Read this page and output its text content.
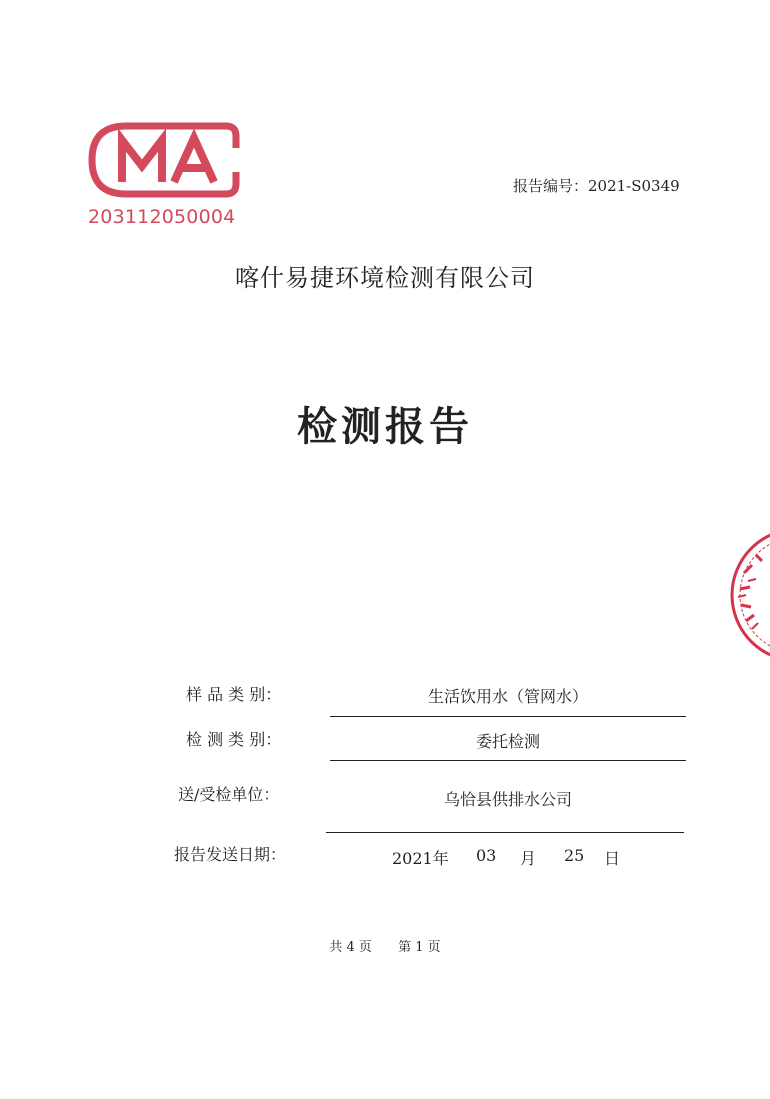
203112050004
报告编号：2021-S0349
喀什易捷环境检测有限公司
检测报告
样 品 类 别：	生活饮用水（管网水）
检 测 类 别：	委托检测
送/受检单位：	乌恰县供排水公司
报告发送日期：	2021年 03 月 25 日
共 4 页 第 1 页
